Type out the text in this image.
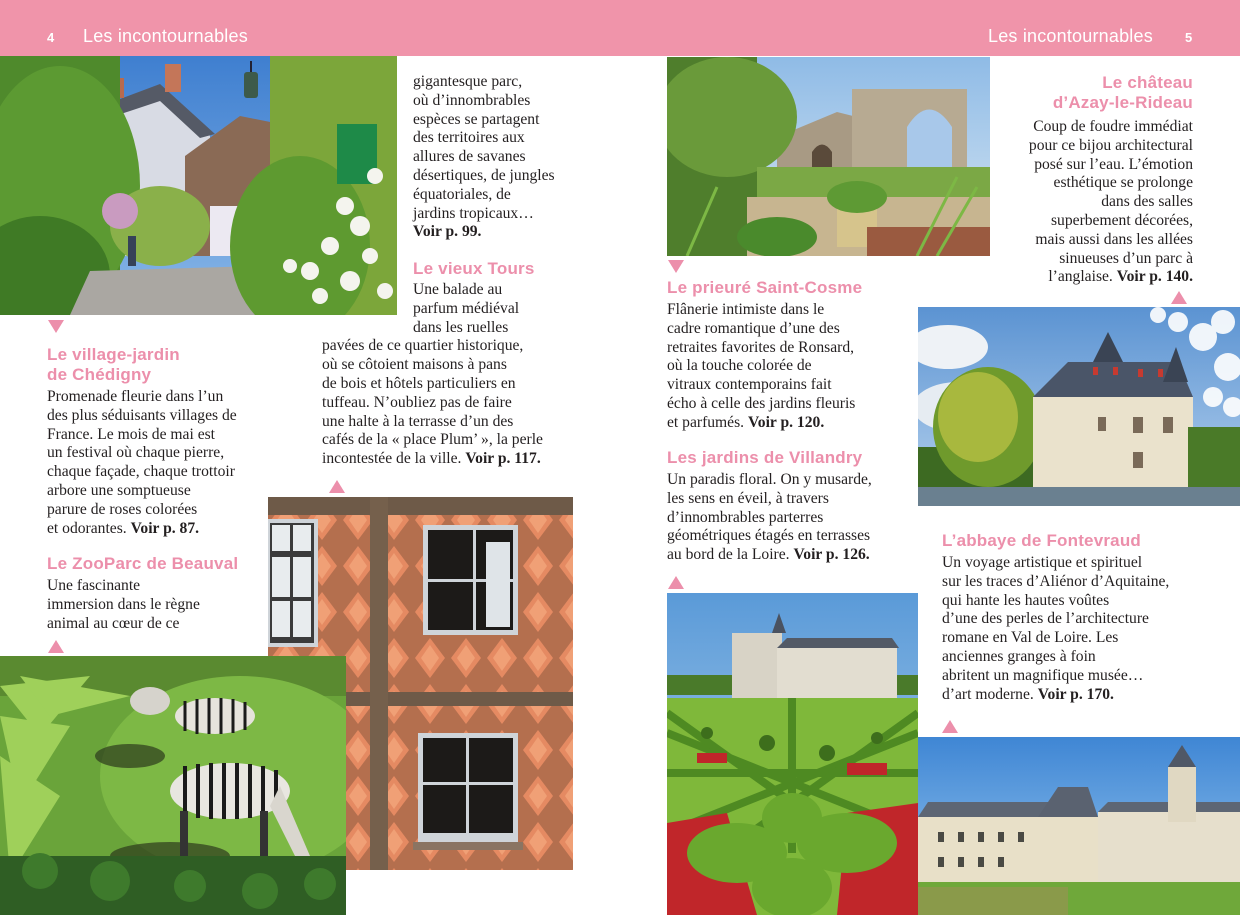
4 Les incontournables	Les incontournables 5
Le village-jardin
de Chédigny
Promenade fleurie dans l’un
des plus séduisants villages de
France. Le mois de mai est
un festival où chaque pierre,
chaque façade, chaque trottoir
arbore une somptueuse
parure de roses colorées
et odorantes. Voir p. 87.
Le ZooParc de Beauval
Une fascinante
immersion dans le règne
animal au cœur de ce
gigantesque parc,
où d’innombrables
espèces se partagent
des territoires aux
allures de savanes
désertiques, de jungles
équatoriales, de
jardins tropicaux…
Voir p. 99.
Le vieux Tours
Une balade au
parfum médiéval
dans les ruelles
pavées de ce quartier historique,
où se côtoient maisons à pans
de bois et hôtels particuliers en
tuffeau. N’oubliez pas de faire
une halte à la terrasse d’un des
cafés de la « place Plum’ », la perle
incontestée de la ville. Voir p. 117.
Le prieuré Saint-Cosme
Flânerie intimiste dans le
cadre romantique d’une des
retraites favorites de Ronsard,
où la touche colorée de
vitraux contemporains fait
écho à celle des jardins fleuris
et parfumés. Voir p. 120.
Les jardins de Villandry
Un paradis floral. On y musarde,
les sens en éveil, à travers
d’innombrables parterres
géométriques étagés en terrasses
au bord de la Loire. Voir p. 126.
Le château
d’Azay-le-Rideau
Coup de foudre immédiat
pour ce bijou architectural
posé sur l’eau. L’émotion
esthétique se prolonge
dans des salles
superbement décorées,
mais aussi dans les allées
sinueuses d’un parc à
l’anglaise. Voir p. 140.
L’abbaye de Fontevraud
Un voyage artistique et spirituel
sur les traces d’Aliénor d’Aquitaine,
qui hante les hautes voûtes
d’une des perles de l’architecture
romane en Val de Loire. Les
anciennes granges à foin
abritent un magnifique musée…
d’art moderne. Voir p. 170.
